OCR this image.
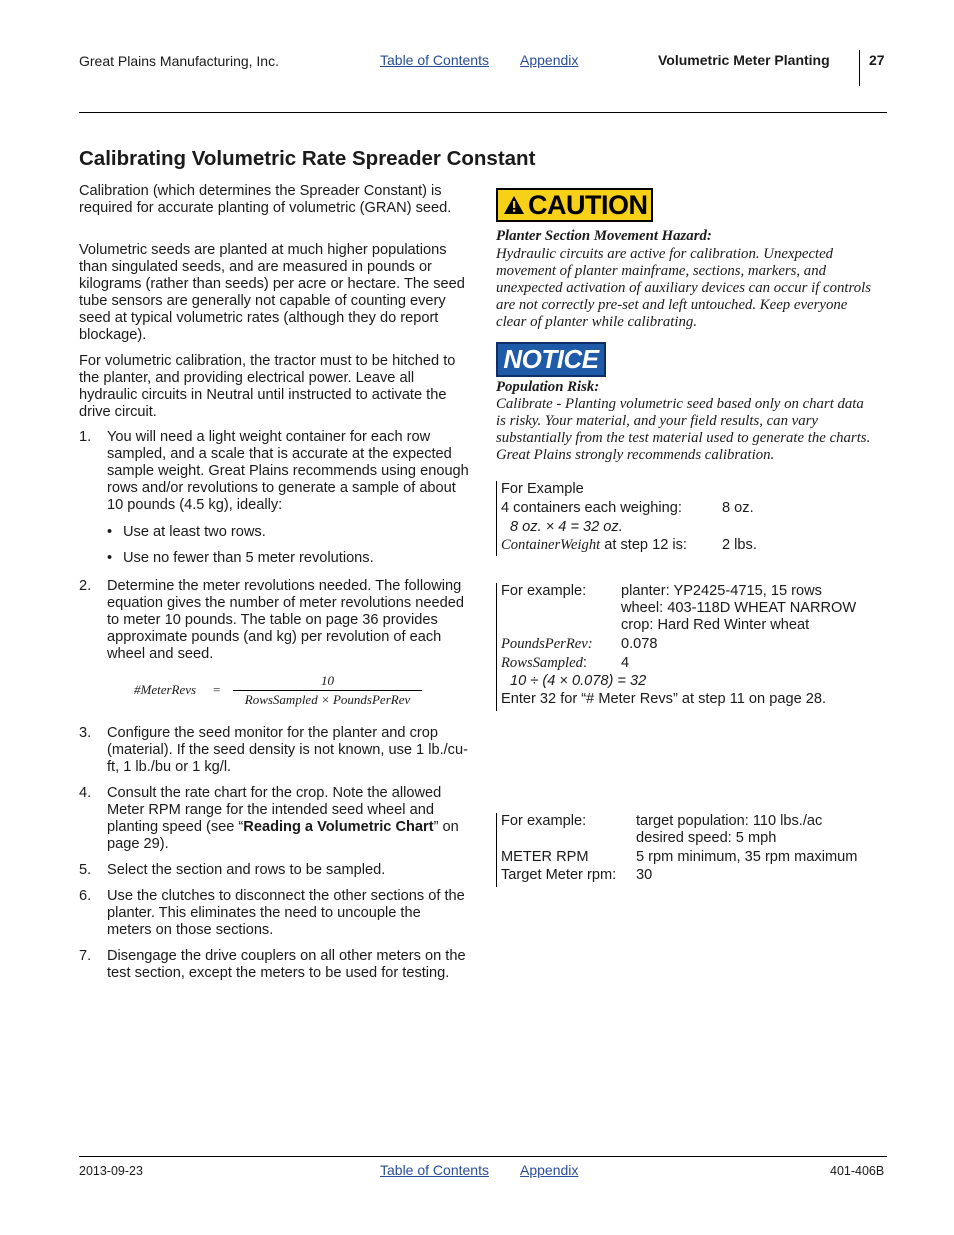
Great Plains Manufacturing, Inc.	Table of Contents Appendix	Volumetric Meter Planting	27
Calibrating Volumetric Rate Spreader Constant

Calibration (which determines the Spreader Constant) is required for accurate planting of volumetric (GRAN) seed.

Volumetric seeds are planted at much higher populations than singulated seeds, and are measured in pounds or kilograms (rather than seeds) per acre or hectare. The seed tube sensors are generally not capable of counting every seed at typical volumetric rates (although they do report blockage).

For volumetric calibration, the tractor must to be hitched to the planter, and providing electrical power. Leave all hydraulic circuits in Neutral until instructed to activate the drive circuit.

1. You will need a light weight container for each row sampled, and a scale that is accurate at the expected sample weight. Great Plains recommends using enough rows and/or revolutions to generate a sample of about 10 pounds (4.5 kg), ideally:
• Use at least two rows.
• Use no fewer than 5 meter revolutions.
2. Determine the meter revolutions needed. The following equation gives the number of meter revolutions needed to meter 10 pounds. The table on page 36 provides approximate pounds (and kg) per revolution of each wheel and seed.
#MeterRevs =
10
RowsSampled × PoundsPerRev
3. Configure the seed monitor for the planter and crop (material). If the seed density is not known, use 1 lb./cu-ft, 1 lb./bu or 1 kg/l.
4. Consult the rate chart for the crop. Note the allowed Meter RPM range for the intended seed wheel and planting speed (see “Reading a Volumetric Chart” on page 29).
5. Select the section and rows to be sampled.
6. Use the clutches to disconnect the other sections of the planter. This eliminates the need to uncouple the meters on those sections.
7. Disengage the drive couplers on all other meters on the test section, except the meters to be used for testing.
CAUTION
Planter Section Movement Hazard:
Hydraulic circuits are active for calibration. Unexpected movement of planter mainframe, sections, markers, and unexpected activation of auxiliary devices can occur if controls are not correctly pre-set and left untouched. Keep everyone clear of planter while calibrating.
NOTICE
Population Risk:
Calibrate - Planting volumetric seed based only on chart data is risky. Your material, and your field results, can vary substantially from the test material used to generate the charts. Great Plains strongly recommends calibration.
For Example
4 containers each weighing:	8 oz.
8 oz. × 4 = 32 oz.
ContainerWeight at step 12 is: 2 lbs.
For example: planter: YP2425-4715, 15 rows
wheel: 403-118D WHEAT NARROW
crop: Hard Red Winter wheat
PoundsPerRev: 0.078
RowsSampled: 4
10 ÷ (4 × 0.078) = 32
Enter 32 for “# Meter Revs” at step 11 on page 28.
For example:	target population: 110 lbs./ac
desired speed: 5 mph
METER RPM	5 rpm minimum, 35 rpm maximum
Target Meter rpm: 30
2013-09-23	Table of Contents Appendix	401-406B
